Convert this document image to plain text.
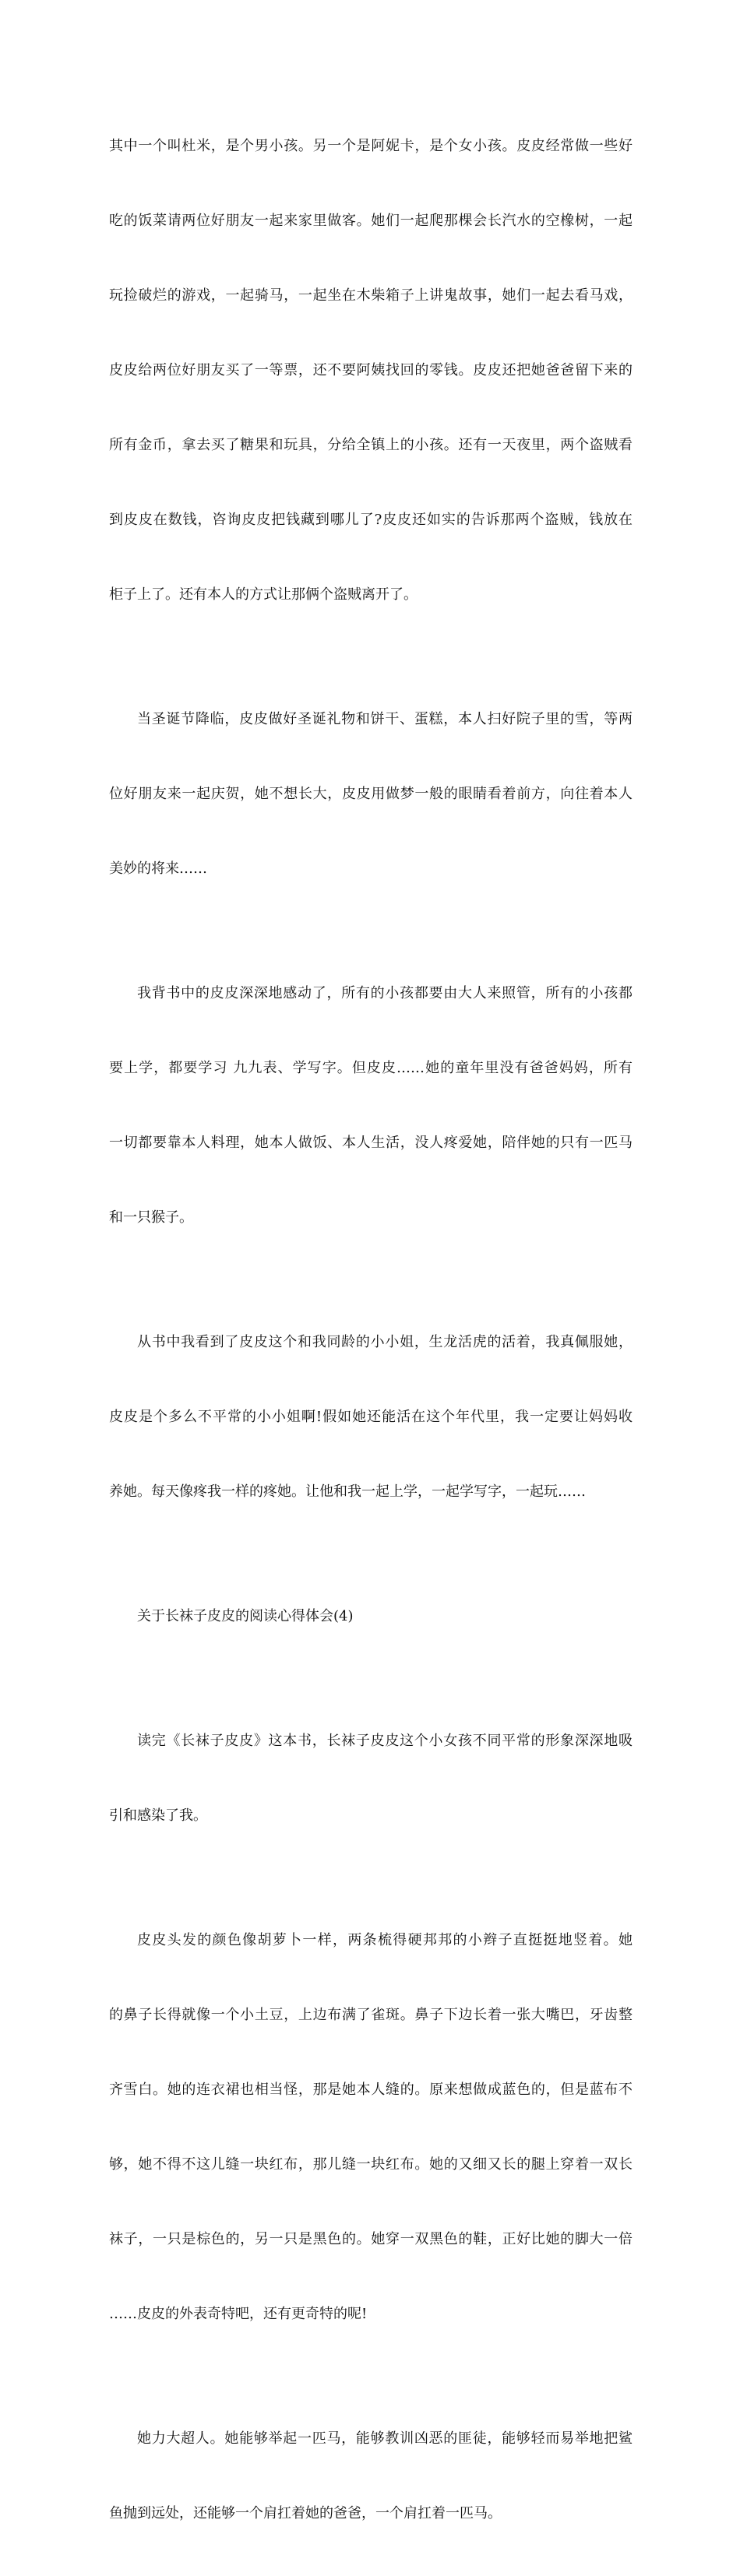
其中一个叫杜米，是个男小孩。另一个是阿妮卡，是个女小孩。皮皮经常做一些好

吃的饭菜请两位好朋友一起来家里做客。她们一起爬那棵会长汽水的空橡树，一起

玩捡破烂的游戏，一起骑马，一起坐在木柴箱子上讲鬼故事，她们一起去看马戏，

皮皮给两位好朋友买了一等票，还不要阿姨找回的零钱。皮皮还把她爸爸留下来的

所有金币，拿去买了糖果和玩具，分给全镇上的小孩。还有一天夜里，两个盗贼看

到皮皮在数钱，咨询皮皮把钱藏到哪儿了?皮皮还如实的告诉那两个盗贼，钱放在

柜子上了。还有本人的方式让那俩个盗贼离开了。

当圣诞节降临，皮皮做好圣诞礼物和饼干、蛋糕，本人扫好院子里的雪，等两

位好朋友来一起庆贺，她不想长大，皮皮用做梦一般的眼睛看着前方，向往着本人

美妙的将来……

我背书中的皮皮深深地感动了，所有的小孩都要由大人来照管，所有的小孩都

要上学，都要学习 九九表、学写字。但皮皮……她的童年里没有爸爸妈妈，所有

一切都要靠本人料理，她本人做饭、本人生活，没人疼爱她，陪伴她的只有一匹马

和一只猴子。

从书中我看到了皮皮这个和我同龄的小小姐，生龙活虎的活着，我真佩服她，

皮皮是个多么不平常的小小姐啊!假如她还能活在这个年代里，我一定要让妈妈收

养她。每天像疼我一样的疼她。让他和我一起上学，一起学写字，一起玩……

关于长袜子皮皮的阅读心得体会(4)

读完《长袜子皮皮》这本书，长袜子皮皮这个小女孩不同平常的形象深深地吸

引和感染了我。

皮皮头发的颜色像胡萝卜一样，两条梳得硬邦邦的小辫子直挺挺地竖着。她

的鼻子长得就像一个小土豆，上边布满了雀斑。鼻子下边长着一张大嘴巴，牙齿整

齐雪白。她的连衣裙也相当怪，那是她本人缝的。原来想做成蓝色的，但是蓝布不

够，她不得不这儿缝一块红布，那儿缝一块红布。她的又细又长的腿上穿着一双长

袜子，一只是棕色的，另一只是黑色的。她穿一双黑色的鞋，正好比她的脚大一倍

……皮皮的外表奇特吧，还有更奇特的呢!

她力大超人。她能够举起一匹马，能够教训凶恶的匪徒，能够轻而易举地把鲨

鱼抛到远处，还能够一个肩扛着她的爸爸，一个肩扛着一匹马。
